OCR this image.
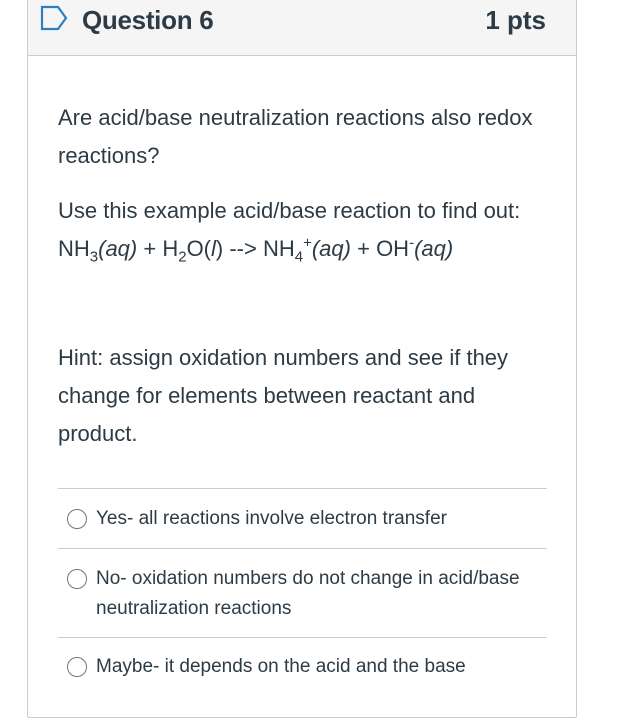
Question 6	1 pts

Are acid/base neutralization reactions also redox reactions?

Use this example acid/base reaction to find out: $NH_3(aq) + H_2O(l)$ --> $NH_4^+(aq) + OH^-(aq)$

Hint: assign oxidation numbers and see if they change for elements between reactant and product.

Yes- all reactions involve electron transfer
No- oxidation numbers do not change in acid/base neutralization reactions
Maybe- it depends on the acid and the base
